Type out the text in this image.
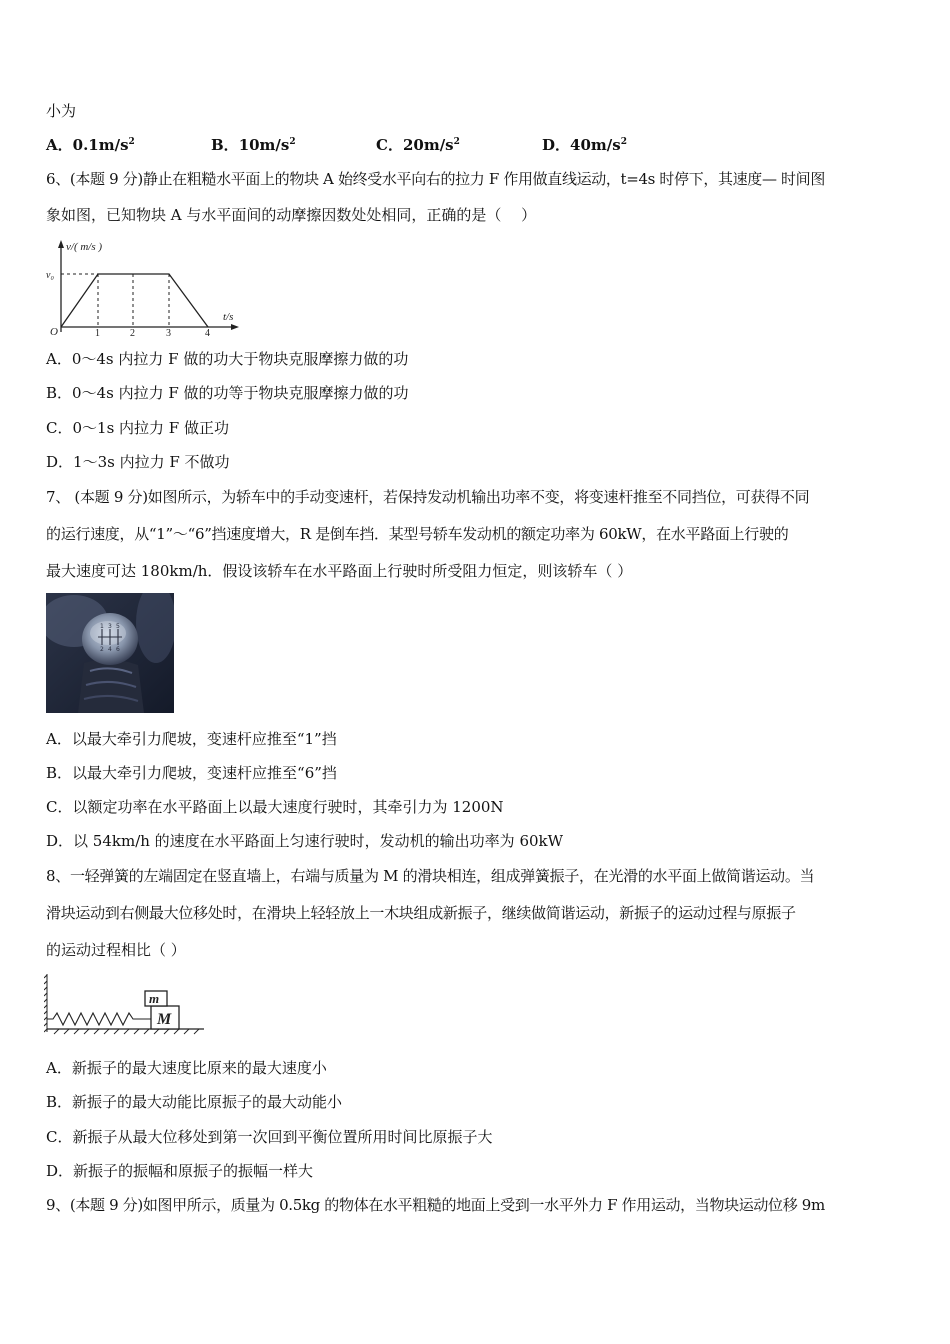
小为
A．$0.1m/s^2$	B．$10m/s^2$	C．$20m/s^2$	D．$40m/s^2$
6、(本题 9 分)静止在粗糙水平面上的物块 A 始终受水平向右的拉力 F 作用做直线运动，t=4s 时停下，其速度— 时间图
象如图，已知物块 A 与水平面间的动摩擦因数处处相同，正确的是（　 ）
v/( m/s )
v₀
t/s
O	1	2	3	4
A．0～4s 内拉力 F 做的功大于物块克服摩擦力做的功
B．0～4s 内拉力 F 做的功等于物块克服摩擦力做的功
C．0～1s 内拉力 F 做正功
D．1～3s 内拉力 F 不做功
7、 (本题 9 分)如图所示，为轿车中的手动变速杆，若保持发动机输出功率不变，将变速杆推至不同挡位，可获得不同
的运行速度，从“1”～“6”挡速度增大，R 是倒车挡．某型号轿车发动机的额定功率为 60kW，在水平路面上行驶的
最大速度可达 180km/h．假设该轿车在水平路面上行驶时所受阻力恒定，则该轿车（ ）
1 3 5
2 4 6
A．以最大牵引力爬坡，变速杆应推至“1”挡
B．以最大牵引力爬坡，变速杆应推至“6”挡
C．以额定功率在水平路面上以最大速度行驶时，其牵引力为 1200N
D．以 54km/h 的速度在水平路面上匀速行驶时，发动机的输出功率为 60kW
8、一轻弹簧的左端固定在竖直墙上，右端与质量为 M 的滑块相连，组成弹簧振子，在光滑的水平面上做简谐运动。当
滑块运动到右侧最大位移处时，在滑块上轻轻放上一木块组成新振子，继续做简谐运动，新振子的运动过程与原振子
的运动过程相比（ ）
M
m
A．新振子的最大速度比原来的最大速度小
B．新振子的最大动能比原振子的最大动能小
C．新振子从最大位移处到第一次回到平衡位置所用时间比原振子大
D．新振子的振幅和原振子的振幅一样大
9、(本题 9 分)如图甲所示，质量为 0.5kg 的物体在水平粗糙的地面上受到一水平外力 F 作用运动，当物块运动位移 9m
